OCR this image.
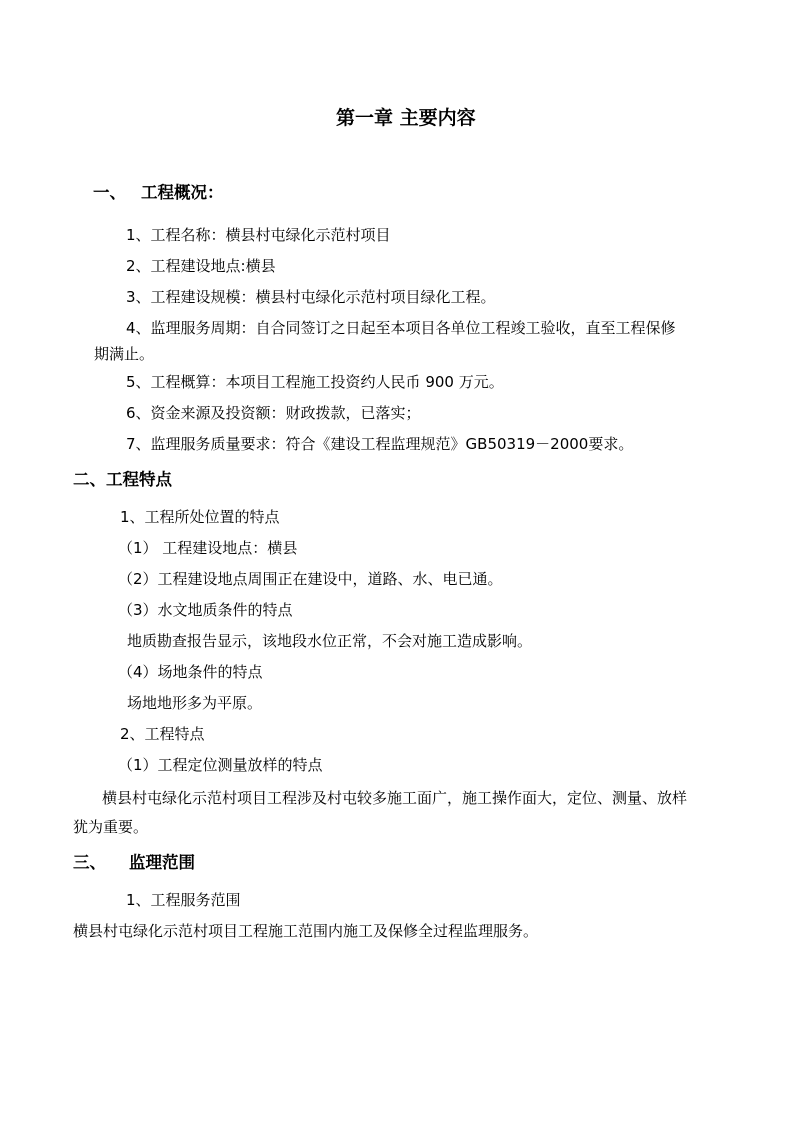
第一章 主要内容
一、 工程概况：
1、工程名称：横县村屯绿化示范村项目
2、工程建设地点:横县
3、工程建设规模：横县村屯绿化示范村项目绿化工程。
4、监理服务周期：自合同签订之日起至本项目各单位工程竣工验收，直至工程保修
期满止。
5、工程概算：本项目工程施工投资约人民币 900 万元。
6、资金来源及投资额：财政拨款，已落实；
7、监理服务质量要求：符合《建设工程监理规范》GB50319－2000要求。
二、工程特点
1、工程所处位置的特点
（1） 工程建设地点：横县
（2）工程建设地点周围正在建设中，道路、水、电已通。
（3）水文地质条件的特点
地质勘查报告显示，该地段水位正常，不会对施工造成影响。
（4）场地条件的特点
场地地形多为平原。
2、工程特点
（1）工程定位测量放样的特点
横县村屯绿化示范村项目工程涉及村屯较多施工面广，施工操作面大，定位、测量、放样
犹为重要。
三、 监理范围
1、工程服务范围
横县村屯绿化示范村项目工程施工范围内施工及保修全过程监理服务。
